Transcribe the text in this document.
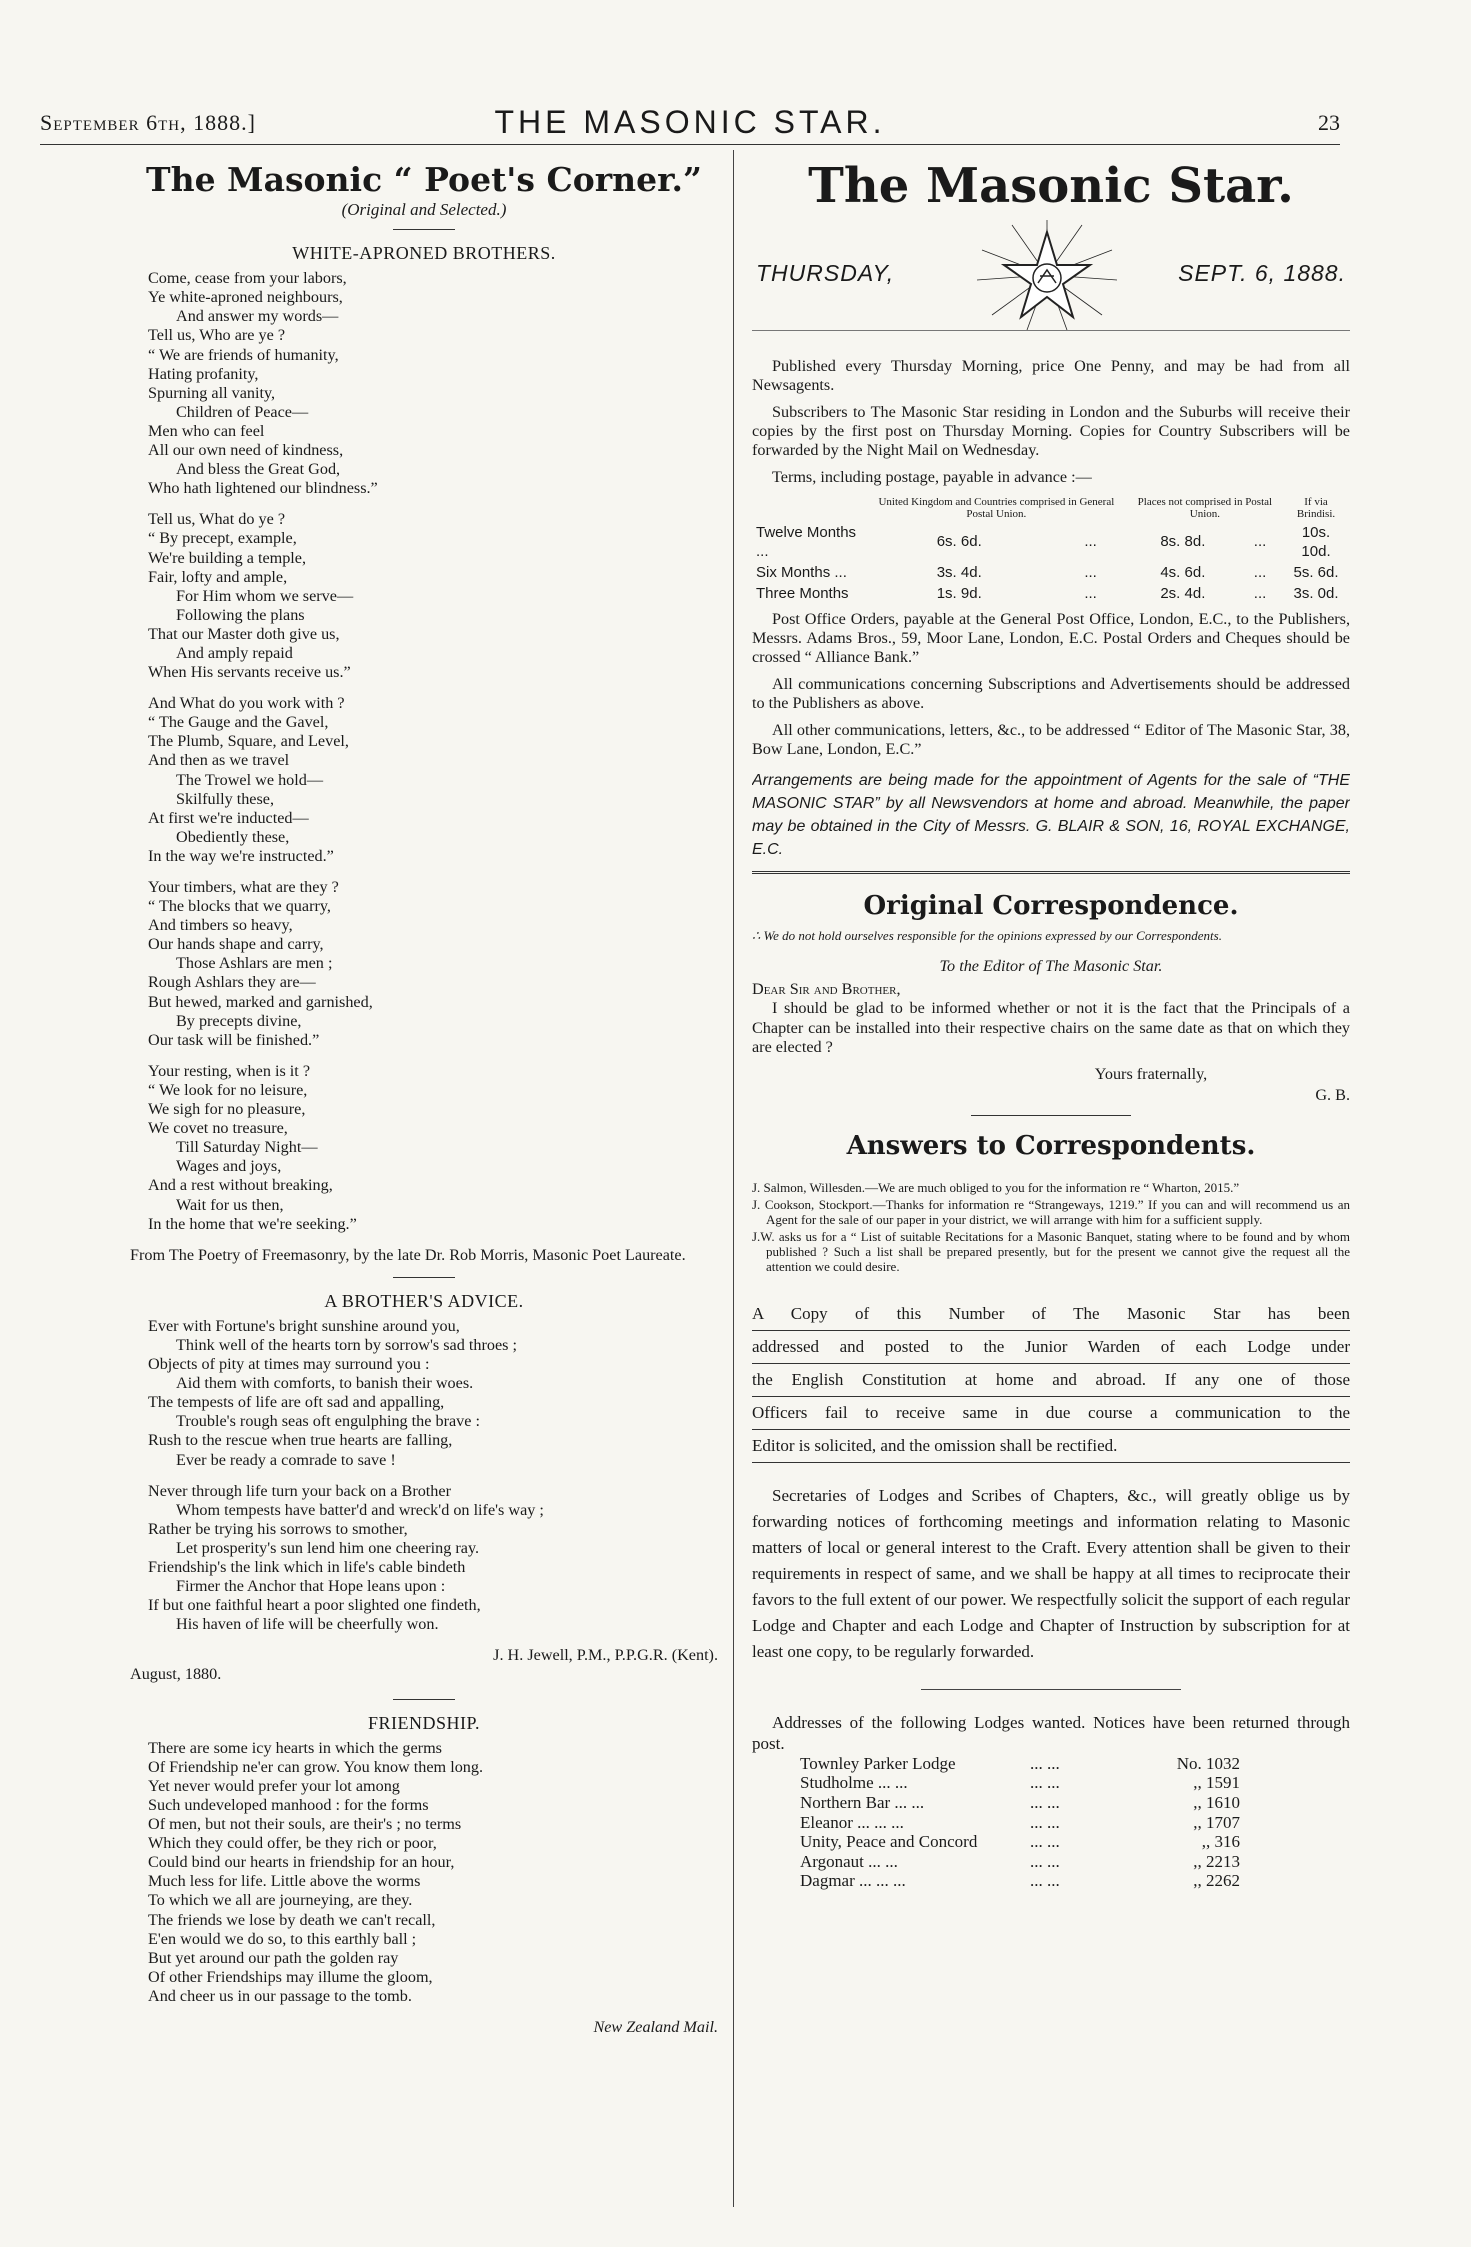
September 6th, 1888.]	THE MASONIC STAR.	23
The Masonic “ Poet's Corner.”
(Original and Selected.)
WHITE-APRONED BROTHERS.
Come, cease from your labors,
Ye white-aproned neighbours,
And answer my words—
Tell us, Who are ye ?
“ We are friends of humanity,
Hating profanity,
Spurning all vanity,
Children of Peace—
Men who can feel
All our own need of kindness,
And bless the Great God,
Who hath lightened our blindness.”
Tell us, What do ye ?
“ By precept, example,
We're building a temple,
Fair, lofty and ample,
For Him whom we serve—
Following the plans
That our Master doth give us,
And amply repaid
When His servants receive us.”
And What do you work with ?
“ The Gauge and the Gavel,
The Plumb, Square, and Level,
And then as we travel
The Trowel we hold—
Skilfully these,
At first we're inducted—
Obediently these,
In the way we're instructed.”
Your timbers, what are they ?
“ The blocks that we quarry,
And timbers so heavy,
Our hands shape and carry,
Those Ashlars are men ;
Rough Ashlars they are—
But hewed, marked and garnished,
By precepts divine,
Our task will be finished.”
Your resting, when is it ?
“ We look for no leisure,
We sigh for no pleasure,
We covet no treasure,
Till Saturday Night—
Wages and joys,
And a rest without breaking,
Wait for us then,
In the home that we're seeking.”
From The Poetry of Freemasonry, by the late Dr. Rob Morris, Masonic Poet Laureate.
A BROTHER'S ADVICE.
Ever with Fortune's bright sunshine around you,
Think well of the hearts torn by sorrow's sad throes ;
Objects of pity at times may surround you :
Aid them with comforts, to banish their woes.
The tempests of life are oft sad and appalling,
Trouble's rough seas oft engulphing the brave :
Rush to the rescue when true hearts are falling,
Ever be ready a comrade to save !
Never through life turn your back on a Brother
Whom tempests have batter'd and wreck'd on life's way ;
Rather be trying his sorrows to smother,
Let prosperity's sun lend him one cheering ray.
Friendship's the link which in life's cable bindeth
Firmer the Anchor that Hope leans upon :
If but one faithful heart a poor slighted one findeth,
His haven of life will be cheerfully won.
J. H. Jewell, P.M., P.P.G.R. (Kent).
August, 1880.
FRIENDSHIP.
There are some icy hearts in which the germs
Of Friendship ne'er can grow. You know them long.
Yet never would prefer your lot among
Such undeveloped manhood : for the forms
Of men, but not their souls, are their's ; no terms
Which they could offer, be they rich or poor,
Could bind our hearts in friendship for an hour,
Much less for life. Little above the worms
To which we all are journeying, are they.
The friends we lose by death we can't recall,
E'en would we do so, to this earthly ball ;
But yet around our path the golden ray
Of other Friendships may illume the gloom,
And cheer us in our passage to the tomb.
New Zealand Mail.
The Masonic Star.
THURSDAY,	SEPT. 6, 1888.

Published every Thursday Morning, price One Penny, and may be had from all Newsagents.

Subscribers to The Masonic Star residing in London and the Suburbs will receive their copies by the first post on Thursday Morning. Copies for Country Subscribers will be forwarded by the Night Mail on Wednesday.

Terms, including postage, payable in advance :—

	United Kingdom and Countries comprised in General Postal Union.		Places not comprised in Postal Union.		If via Brindisi.
Twelve Months ...	6s. 6d.	...	8s. 8d.	...	10s. 10d.
Six Months ...	3s. 4d.	...	4s. 6d.	...	5s. 6d.
Three Months	1s. 9d.	...	2s. 4d.	...	3s. 0d.

Post Office Orders, payable at the General Post Office, London, E.C., to the Publishers, Messrs. Adams Bros., 59, Moor Lane, London, E.C. Postal Orders and Cheques should be crossed “ Alliance Bank.”

All communications concerning Subscriptions and Advertisements should be addressed to the Publishers as above.

All other communications, letters, &c., to be addressed “ Editor of The Masonic Star, 38, Bow Lane, London, E.C.”

Arrangements are being made for the appointment of Agents for the sale of “THE MASONIC STAR” by all Newsvendors at home and abroad. Meanwhile, the paper may be obtained in the City of Messrs. G. BLAIR & SON, 16, ROYAL EXCHANGE, E.C.
Original Correspondence.
∴ We do not hold ourselves responsible for the opinions expressed by our Correspondents.
To the Editor of The Masonic Star.
Dear Sir and Brother,

I should be glad to be informed whether or not it is the fact that the Principals of a Chapter can be installed into their respective chairs on the same date as that on which they are elected ?

Yours fraternally,
G. B.
Answers to Correspondents.
J. Salmon, Willesden.—We are much obliged to you for the information re “ Wharton, 2015.”
J. Cookson, Stockport.—Thanks for information re “Strangeways, 1219.” If you can and will recommend us an Agent for the sale of our paper in your district, we will arrange with him for a sufficient supply.
J.W. asks us for a “ List of suitable Recitations for a Masonic Banquet, stating where to be found and by whom published ? Such a list shall be prepared presently, but for the present we cannot give the request all the attention we could desire.
A Copy of this Number of The Masonic Star has been
addressed and posted to the Junior Warden of each Lodge under
the English Constitution at home and abroad. If any one of those
Officers fail to receive same in due course a communication to the
Editor is solicited, and the omission shall be rectified.

Secretaries of Lodges and Scribes of Chapters, &c., will greatly oblige us by forwarding notices of forthcoming meetings and information relating to Masonic matters of local or general interest to the Craft. Every attention shall be given to their requirements in respect of same, and we shall be happy at all times to reciprocate their favors to the full extent of our power. We respectfully solicit the support of each regular Lodge and Chapter and each Lodge and Chapter of Instruction by subscription for at least one copy, to be regularly forwarded.

Addresses of the following Lodges wanted. Notices have been returned through post.

Townley Parker Lodge	... ...	No. 1032
Studholme ... ...	... ...	,, 1591
Northern Bar ... ...	... ...	,, 1610
Eleanor ... ... ...	... ...	,, 1707
Unity, Peace and Concord	... ...	,, 316
Argonaut ... ...	... ...	,, 2213
Dagmar ... ... ...	... ...	,, 2262
